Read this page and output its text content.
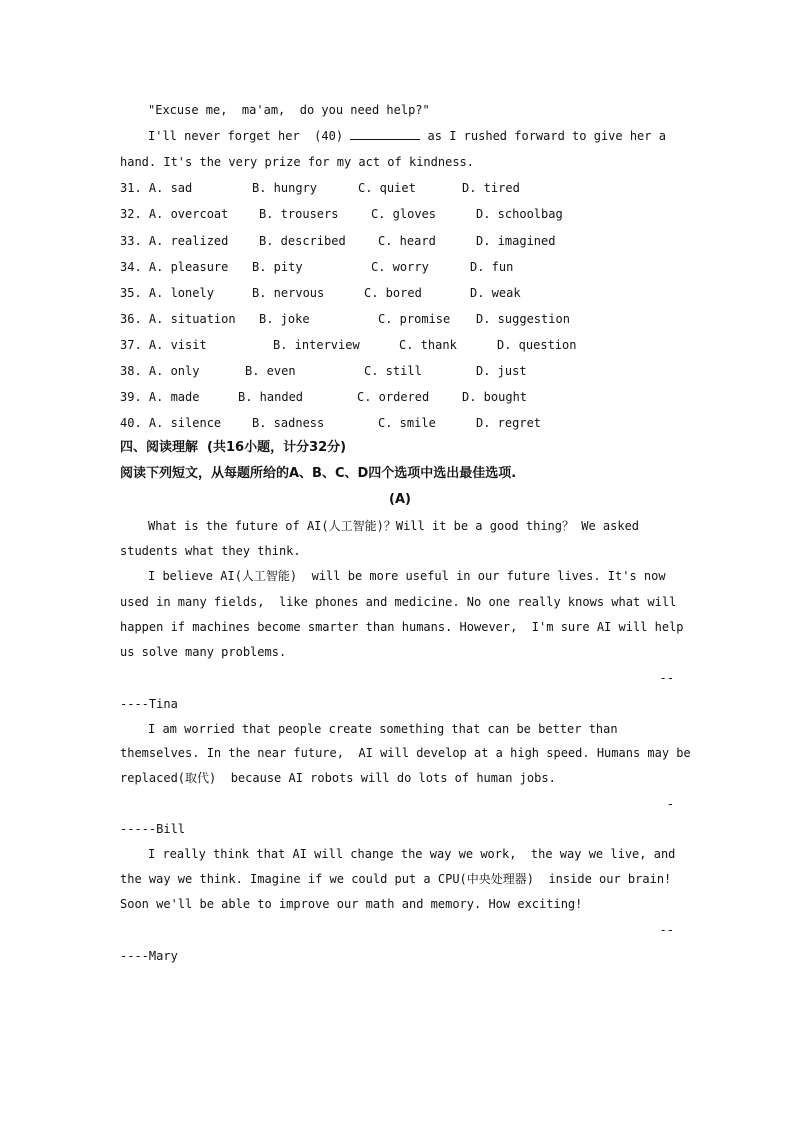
"Excuse me,  ma'am,  do you need help?"
I'll never forget her  (40)	as I rushed forward to give her a
hand. It's the very prize for my act of kindness.
31. A. sad	B. hungry	C. quiet	D. tired
32. A. overcoat	B. trousers	C. gloves	D. schoolbag
33. A. realized	B. described	C. heard	D. imagined
34. A. pleasure B. pity	C. worry	D. fun
35. A. lonely	B. nervous	C. bored	D. weak
36. A. situation B. joke	C. promise D. suggestion
37. A. visit	B. interview	C. thank	D. question
38. A. only	B. even	C. still	D. just
39. A. made	B. handed	C. ordered	D. bought
40. A. silence	B. sadness	C. smile	D. regret
四、阅读理解  (共16小题，计分32分)
阅读下列短文，从每题所给的A、B、C、D四个选项中选出最佳选项.
(A)
What is the future of AI(人工智能)？Will it be a good thing？ We asked
students what they think.
I believe AI(人工智能)  will be more useful in our future lives. It's now
used in many fields,  like phones and medicine. No one really knows what will
happen if machines become smarter than humans. However,  I'm sure AI will help
us solve many problems.
--
----Tina
I am worried that people create something that can be better than
themselves. In the near future,  AI will develop at a high speed. Humans may be
replaced(取代)  because AI robots will do lots of human jobs.
-
-----Bill
I really think that AI will change the way we work,  the way we live, and
the way we think. Imagine if we could put a CPU(中央处理器)  inside our brain!
Soon we'll be able to improve our math and memory. How exciting!
--
----Mary
